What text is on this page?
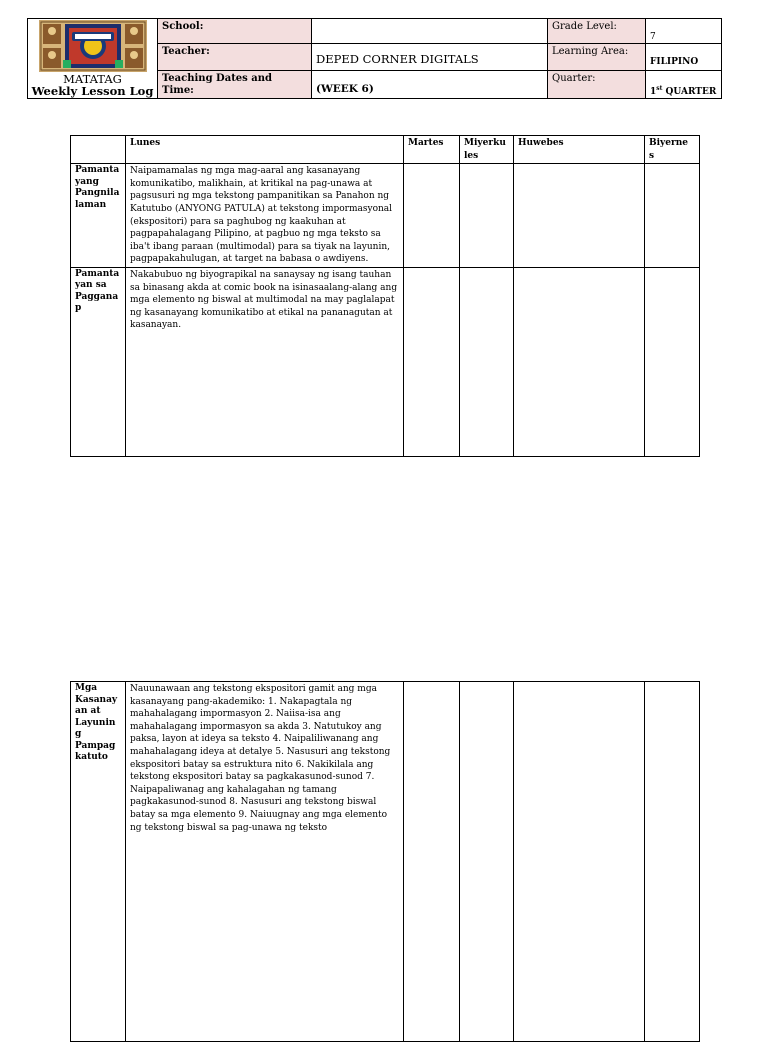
MATATAG
Weekly Lesson Log	School:		Grade Level:	7
	Teacher:	DEPED CORNER DIGITALS	Learning Area:	FILIPINO
	Teaching Dates and Time:	(WEEK 6)	Quarter:	1st QUARTER
	Lunes	Martes	Miyerku les	Huwebes	Biyerne s
Pamanta yang Pangnila laman	Naipamamalas ng mga mag-aaral ang kasanayang komunikatibo, malikhain, at kritikal na pag-unawa at pagsusuri ng mga tekstong pampanitikan sa Panahon ng Katutubo (ANYONG PATULA) at tekstong impormasyonal (ekspositori) para sa paghubog ng kaakuhan at pagpapahalagang Pilipino, at pagbuo ng mga teksto sa iba't ibang paraan (multimodal) para sa tiyak na layunin, pagpapakahulugan, at target na babasa o awdiyens.				
Pamanta yan sa Paggana p	Nakabubuo ng biyograpikal na sanaysay ng isang tauhan sa binasang akda at comic book na isinasaalang-alang ang mga elemento ng biswal at multimodal na may paglalapat ng kasanayang komunikatibo at etikal na pananagutan at kasanayan.				
Mga Kasanay an at Layunin g Pampag katuto	Nauunawaan ang tekstong ekspositori gamit ang mga kasanayang pang-akademiko: 1. Nakapagtala ng mahahalagang impormasyon 2. Naiisa-isa ang mahahalagang impormasyon sa akda 3. Natutukoy ang paksa, layon at ideya sa teksto 4. Naipaliliwanang ang mahahalagang ideya at detalye 5. Nasusuri ang tekstong ekspositori batay sa estruktura nito 6. Nakikilala ang tekstong ekspositori batay sa pagkakasunod-sunod 7. Naipapaliwanag ang kahalagahan ng tamang pagkakasunod-sunod 8. Nasusuri ang tekstong biswal batay sa mga elemento 9. Naiuugnay ang mga elemento ng tekstong biswal sa pag-unawa ng teksto				
